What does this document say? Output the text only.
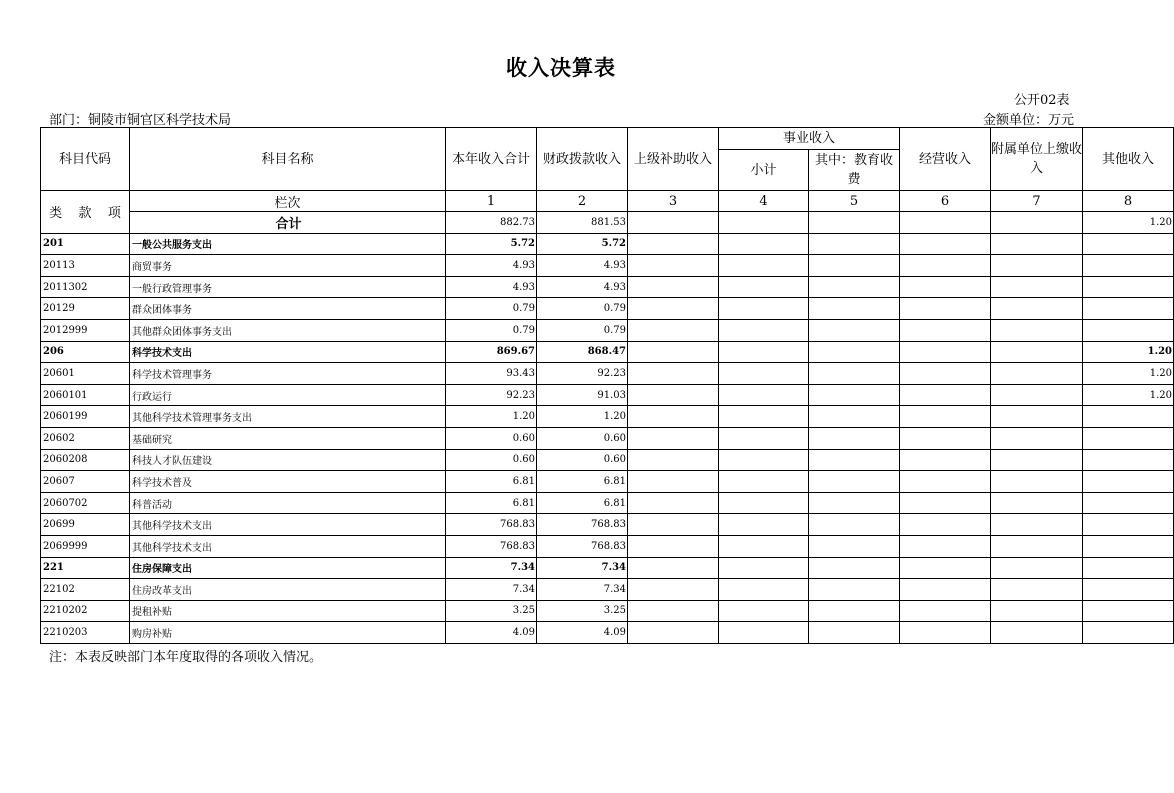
收入决算表
公开02表
部门：铜陵市铜官区科学技术局	金额单位：万元
科目代码	科目名称	本年收入合计	财政拨款收入	上级补助收入	事业收入		经营收入	附属单位上缴收入	其他收入
					小计	其中：教育收费			

类 款 项	栏次	1	2	3	4	5	6	7	8
	合计	882.73	881.53						1.20
201	一般公共服务支出	5.72	5.72						
20113	商贸事务	4.93	4.93						
2011302	一般行政管理事务	4.93	4.93						
20129	群众团体事务	0.79	0.79						
2012999	其他群众团体事务支出	0.79	0.79						
206	科学技术支出	869.67	868.47						1.20
20601	科学技术管理事务	93.43	92.23						1.20
2060101	行政运行	92.23	91.03						1.20
2060199	其他科学技术管理事务支出	1.20	1.20						
20602	基础研究	0.60	0.60						
2060208	科技人才队伍建设	0.60	0.60						
20607	科学技术普及	6.81	6.81						
2060702	科普活动	6.81	6.81						
20699	其他科学技术支出	768.83	768.83						
2069999	其他科学技术支出	768.83	768.83						
221	住房保障支出	7.34	7.34						
22102	住房改革支出	7.34	7.34						
2210202	提租补贴	3.25	3.25						
2210203	购房补贴	4.09	4.09						
注：本表反映部门本年度取得的各项收入情况。
